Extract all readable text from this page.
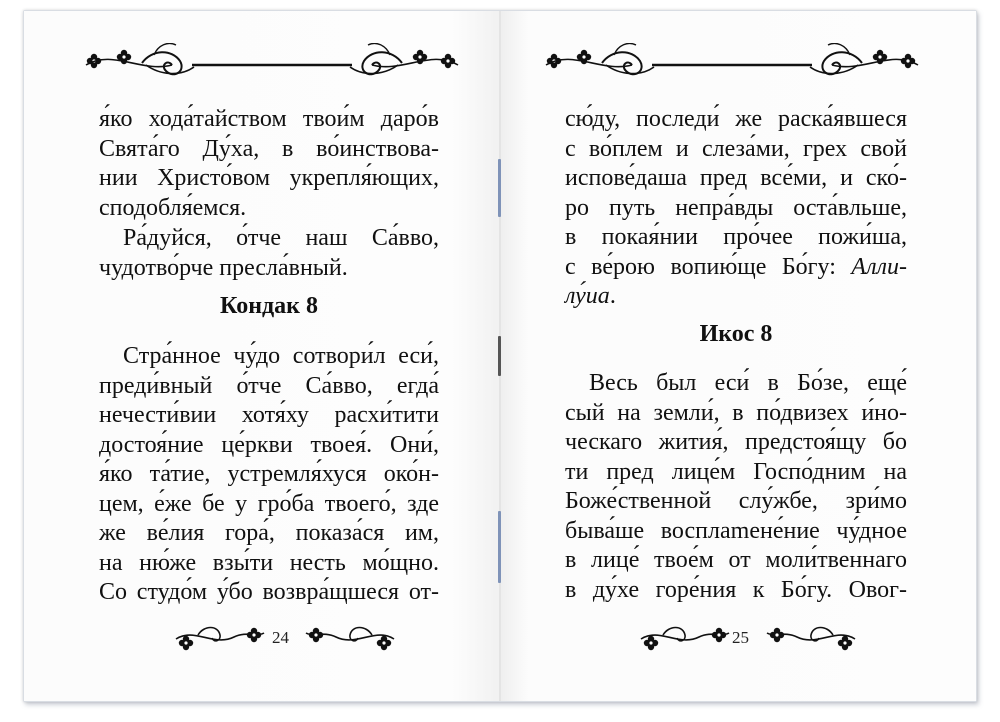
я́ко хода́тайством твои́м даро́в

Свята́го Ду́ха, в во́инствова-

нии Христо́вом укрепля́ющих,

сподобля́емся.

Ра́дуйся, о́тче наш Са́вво,

чудотво́рче пресла́вный.

Кондак 8

Стра́нное чу́до сотвори́л еси́,

преди́вный о́тче Са́вво, егда́

нечести́вии хотя́ху расхи́тити

достоя́ние це́ркви твоея́. Они́,

я́ко та́тие, устремля́хуся око́н-

цем, е́же бе у гро́ба твоего́, зде

же ве́лия гора́, показа́ся им,

на ню́же взы́ти несть мо́щно.

Со студо́м у́бо возвра́щшеся от-

24

сю́ду, последи́ же раска́явшеся

с во́плем и слеза́ми, грех свой

испове́даша пред все́ми, и ско́-

ро путь непра́вды оста́вльше,

в покая́нии про́чее пожи́ша,

с ве́рою вопию́ще Бо́гу: Алли-

лу́иа.

Икос 8

Весь был еси́ в Бо́зе, еще́

сый на земли́, в по́двизех и́но-

ческаго жития́, предстоя́щу бо

ти пред лице́м Госпо́дним на

Боже́ственной слу́жбе, зри́мо

быва́ше восплamене́ние чу́дное

в лице́ твое́м от моли́твеннаго

в ду́хе горе́ния к Бо́гу. Овог-

25
